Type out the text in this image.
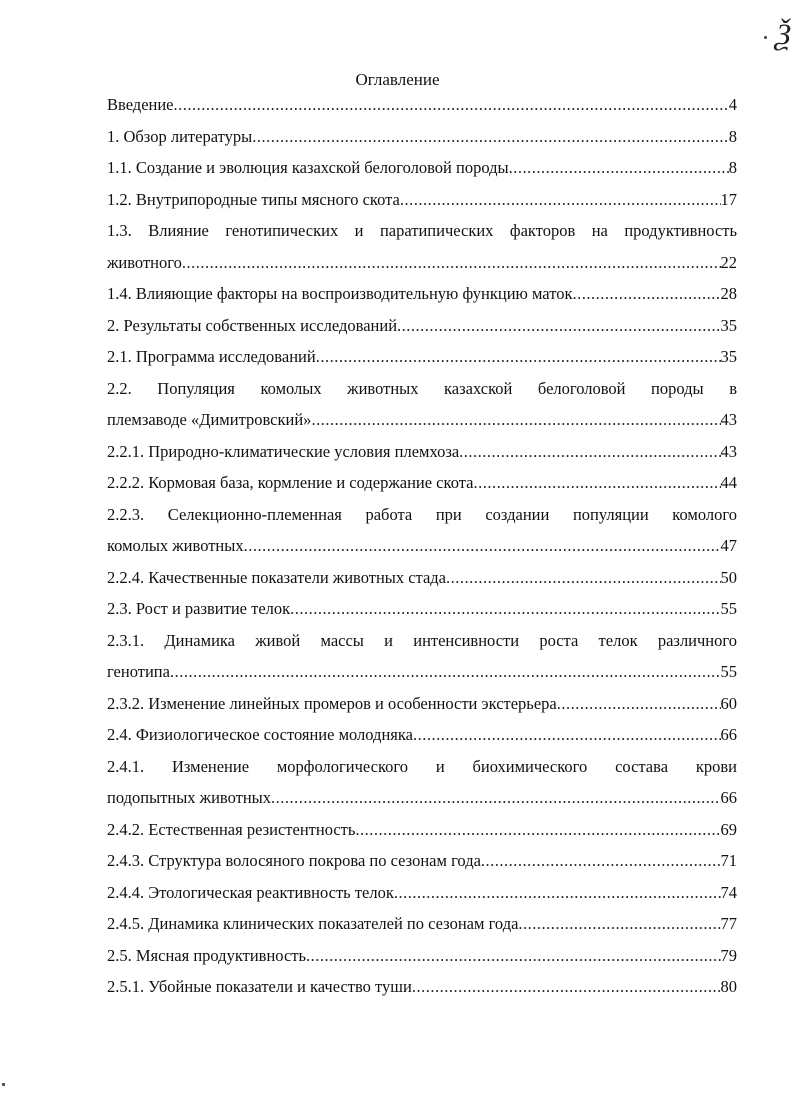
Ѯ
Оглавление
Введение .....	4
1. Обзор литературы .....	8
1.1. Создание и эволюция казахской белоголовой породы .....	8
1.2. Внутрипородные типы мясного скота .....	17
1.3. Влияние генотипических и паратипических факторов на продуктивность
животного .....	22
1.4. Влияющие факторы на воспроизводительную функцию маток .....	28
2. Результаты собственных исследований .....	35
2.1. Программа исследований .....	35
2.2. Популяция комолых животных казахской белоголовой породы в
племзаводе «Димитровский» .....	43
2.2.1. Природно-климатические условия племхоза .....	43
2.2.2. Кормовая база, кормление и содержание скота .....	44
2.2.3. Селекционно-племенная работа при создании популяции комолого
комолых животных .....	47
2.2.4. Качественные показатели животных стада .....	50
2.3. Рост и развитие телок .....	55
2.3.1. Динамика живой массы и интенсивности роста телок различного
генотипа .....	55
2.3.2. Изменение линейных промеров и особенности экстерьера .....	60
2.4. Физиологическое состояние молодняка .....	66
2.4.1. Изменение морфологического и биохимического состава крови
подопытных животных .....	66
2.4.2. Естественная резистентность .....	69
2.4.3. Структура волосяного покрова по сезонам года .....	71
2.4.4. Этологическая реактивность телок .....	74
2.4.5. Динамика клинических показателей по сезонам года .....	77
2.5. Мясная продуктивность .....	79
2.5.1. Убойные показатели и качество туши .....	80
